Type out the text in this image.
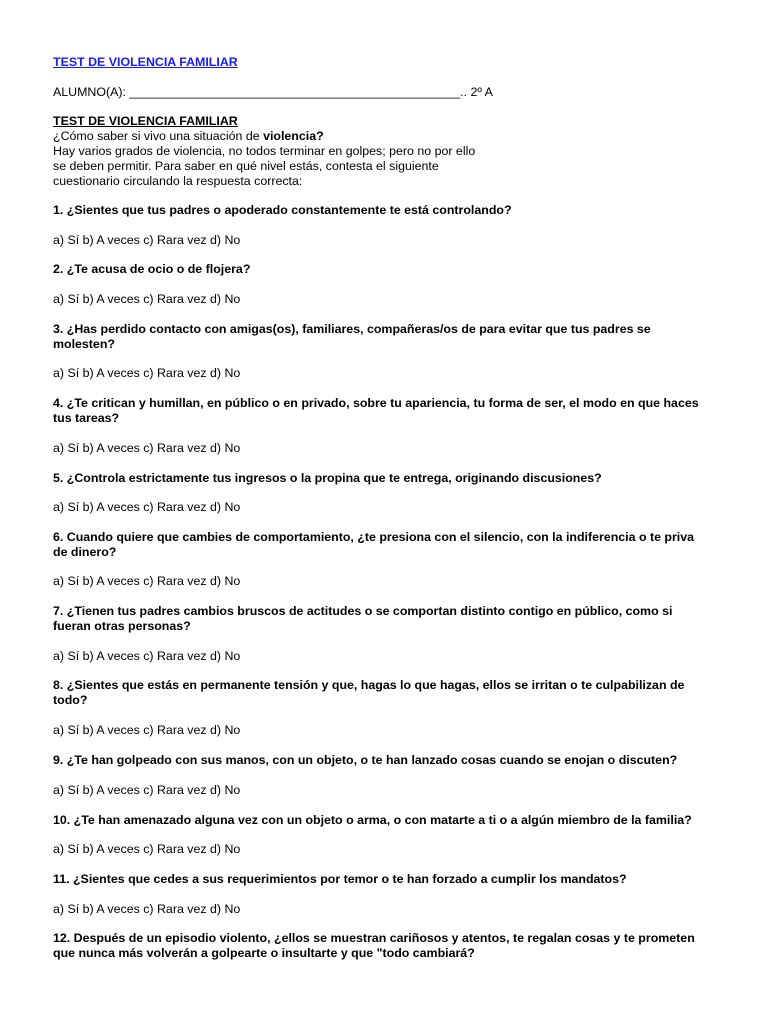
TEST DE VIOLENCIA FAMILIAR
ALUMNO(A): ________________________________________________.. 2º A
TEST DE VIOLENCIA FAMILIAR
¿Cómo saber si vivo una situación de violencia?
Hay varios grados de violencia, no todos terminar en golpes; pero no por ello
se deben permitir. Para saber en qué nivel estás, contesta el siguiente
cuestionario circulando la respuesta correcta:
1. ¿Sientes que tus padres o apoderado constantemente te está controlando?
a) Sí b) A veces c) Rara vez d) No
2. ¿Te acusa de ocio o de flojera?
a) Sí b) A veces c) Rara vez d) No
3. ¿Has perdido contacto con amigas(os), familiares, compañeras/os de para evitar que tus padres se
molesten?
a) Sí b) A veces c) Rara vez d) No
4. ¿Te critican y humillan, en público o en privado, sobre tu apariencia, tu forma de ser, el modo en que haces
tus tareas?
a) Sí b) A veces c) Rara vez d) No
5. ¿Controla estrictamente tus ingresos o la propina que te entrega, originando discusiones?
a) Sí b) A veces c) Rara vez d) No
6. Cuando quiere que cambies de comportamiento, ¿te presiona con el silencio, con la indiferencia o te priva
de dinero?
a) Sí b) A veces c) Rara vez d) No
7. ¿Tienen tus padres cambios bruscos de actitudes o se comportan distinto contigo en público, como si
fueran otras personas?
a) Sí b) A veces c) Rara vez d) No
8. ¿Sientes que estás en permanente tensión y que, hagas lo que hagas, ellos se irritan o te culpabilizan de
todo?
a) Sí b) A veces c) Rara vez d) No
9. ¿Te han golpeado con sus manos, con un objeto, o te han lanzado cosas cuando se enojan o discuten?
a) Sí b) A veces c) Rara vez d) No
10. ¿Te han amenazado alguna vez con un objeto o arma, o con matarte a ti o a algún miembro de la familia?
a) Sí b) A veces c) Rara vez d) No
11. ¿Sientes que cedes a sus requerimientos por temor o te han forzado a cumplir los mandatos?
a) Sí b) A veces c) Rara vez d) No
12. Después de un episodio violento, ¿ellos se muestran cariñosos y atentos, te regalan cosas y te prometen
que nunca más volverán a golpearte o insultarte y que "todo cambiará?
